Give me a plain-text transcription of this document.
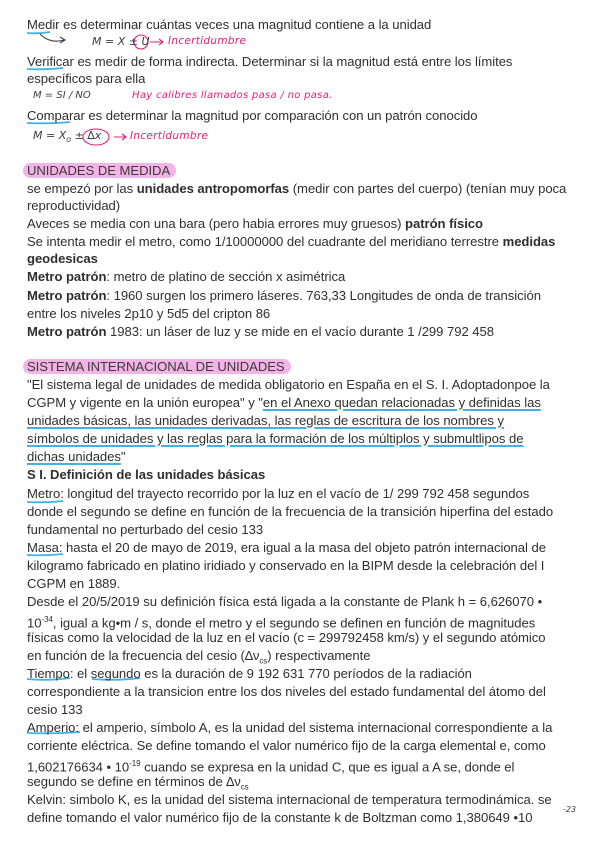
Medir es determinar cuántas veces una magnitud contiene a la unidad
M = X ± U Incertidumbre
Verificar es medir de forma indirecta. Determinar si la magnitud está entre los límites
específicos para ella
M = SI / NO	Hay calibres llamados pasa / no pasa.
Comparar es determinar la magnitud por comparación con un patrón conocido
$M = X_o \pm \Delta x$	Incertidumbre
UNIDADES DE MEDIDA
se empezó por las unidades antropomorfas (medir con partes del cuerpo) (tenían muy poca
reproductividad)
Aveces se media con una bara (pero habia errores muy gruesos) patrón físico
Se intenta medir el metro, como 1/10000000 del cuadrante del meridiano terrestre medidas
geodesicas
Metro patrón: metro de platino de sección x asimétrica
Metro patrón: 1960 surgen los primero láseres. 763,33 Longitudes de onda de transición
entre los niveles 2p10 y 5d5 del cripton 86
Metro patrón 1983: un láser de luz y se mide en el vacío durante 1 /299 792 458
SISTEMA INTERNACIONAL DE UNIDADES
"El sistema legal de unidades de medida obligatorio en España en el S. I. Adoptadonpoe la
CGPM y vigente en la unión europea" y "en el Anexo quedan relacionadas y definidas las
unidades básicas, las unidades derivadas, las reglas de escritura de los nombres y
símbolos de unidades y las reglas para la formación de los múltiplos y submultlipos de
dichas unidades"
S I. Definición de las unidades básicas
Metro: longitud del trayecto recorrido por la luz en el vacío de 1/ 299 792 458 segundos
donde el segundo se define en función de la frecuencia de la transición hiperfina del estado
fundamental no perturbado del cesio 133
Masa: hasta el 20 de mayo de 2019, era igual a la masa del objeto patrón internacional de
kilogramo fabricado en platino iridiado y conservado en la BIPM desde la celebración del I
CGPM en 1889.
Desde el 20/5/2019 su definición física está ligada a la constante de Plank h = 6,626070 •
$10^{-34}$, igual a kg•m / s, donde el metro y el segundo se definen en función de magnitudes
físicas como la velocidad de la luz en el vacío (c = 299792458 km/s) y el segundo atómico
en función de la frecuencia del cesio $(\Delta\nu_{cs})$ respectivamente
Tiempo: el segundo es la duración de 9 192 631 770 períodos de la radiación
correspondiente a la transicion entre los dos niveles del estado fundamental del átomo del
cesio 133
Amperio: el amperio, símbolo A, es la unidad del sistema internacional correspondiente a la
corriente eléctrica. Se define tomando el valor numérico fijo de la carga elemental e, como
1,602176634 • $10^{-19}$ cuando se expresa en la unidad C, que es igual a A se, donde el
segundo se define en términos de $\Delta\nu_{cs}$
Kelvin: simbolo K, es la unidad del sistema internacional de temperatura termodinámica. se
define tomando el valor numérico fijo de la constante k de Boltzman como 1,380649 •10
-23
